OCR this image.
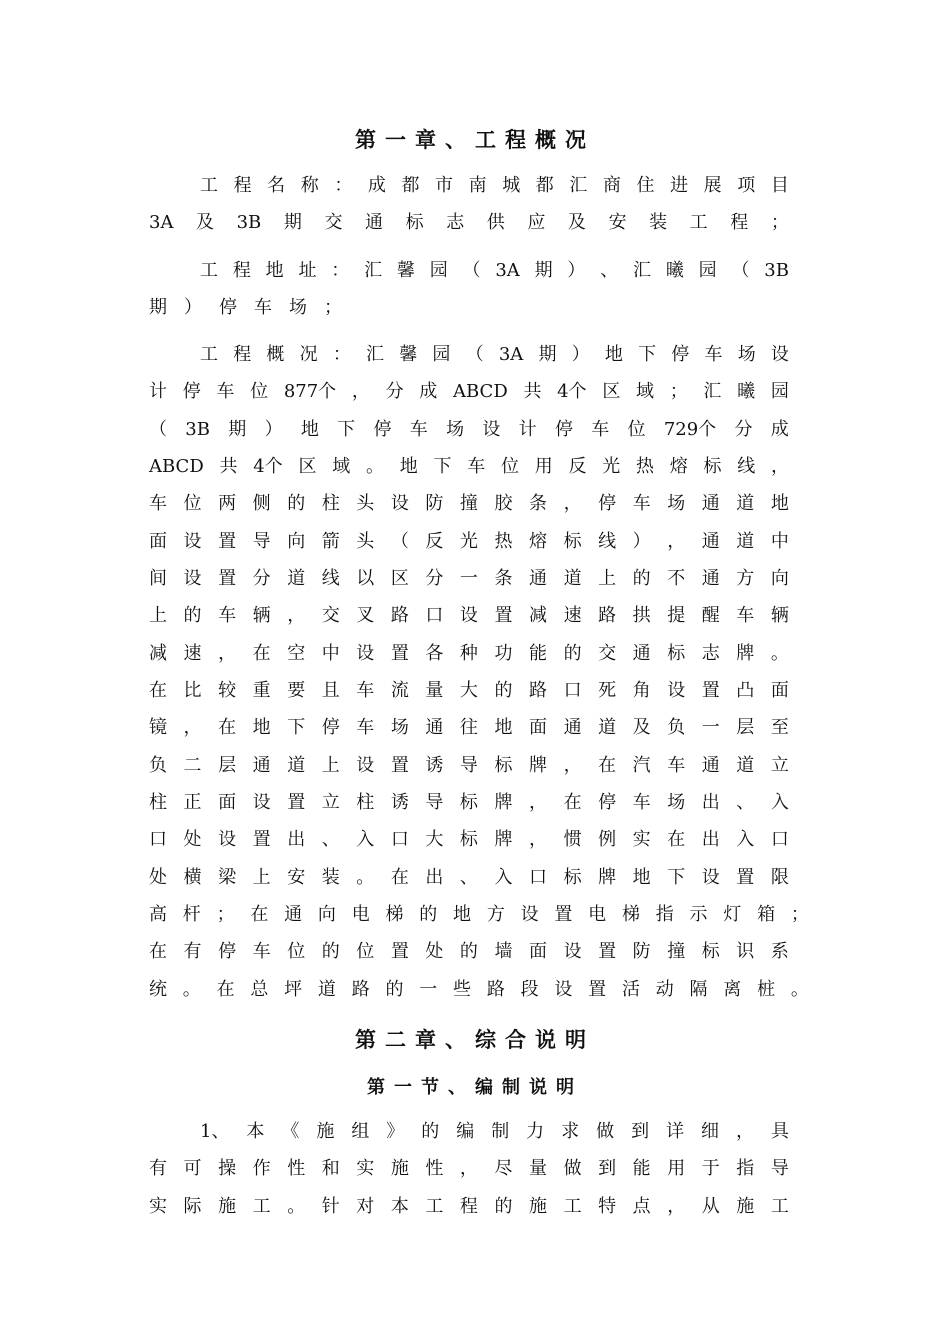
第一章、工程概况
工 程 名 称 ： 成 都 市 南 城 都 汇 商 住 进 展 项 目
3A 及 3B 期 交 通 标 志 供 应 及 安 装 工 程 ；
工 程 地 址 ： 汇 馨 园 （ 3A 期 ） 、 汇 曦 园 （ 3B
期 ） 停 车 场 ；
工 程 概 况 ： 汇 馨 园 （ 3A 期 ） 地 下 停 车 场 设
计 停 车 位 877个 ， 分 成 ABCD 共 4个 区 域 ； 汇 曦 园
（ 3B 期 ） 地 下 停 车 场 设 计 停 车 位 729个 分 成
ABCD 共 4个 区 域 。 地 下 车 位 用 反 光 热 熔 标 线 ，
车 位 两 侧 的 柱 头 设 防 撞 胶 条 ， 停 车 场 通 道 地
面 设 置 导 向 箭 头 （ 反 光 热 熔 标 线 ） ， 通 道 中
间 设 置 分 道 线 以 区 分 一 条 通 道 上 的 不 通 方 向
上 的 车 辆 ， 交 叉 路 口 设 置 减 速 路 拱 提 醒 车 辆
减 速 ， 在 空 中 设 置 各 种 功 能 的 交 通 标 志 牌 。
在 比 较 重 要 且 车 流 量 大 的 路 口 死 角 设 置 凸 面
镜 ， 在 地 下 停 车 场 通 往 地 面 通 道 及 负 一 层 至
负 二 层 通 道 上 设 置 诱 导 标 牌 ， 在 汽 车 通 道 立
柱 正 面 设 置 立 柱 诱 导 标 牌 ， 在 停 车 场 出 、 入
口 处 设 置 出 、 入 口 大 标 牌 ， 惯 例 实 在 出 入 口
处 横 梁 上 安 装 。 在 出 、 入 口 标 牌 地 下 设 置 限
高 杆 ； 在 通 向 电 梯 的 地 方 设 置 电 梯 指 示 灯 箱 ；
在 有 停 车 位 的 位 置 处 的 墙 面 设 置 防 撞 标 识 系
统 。 在 总 坪 道 路 的 一 些 路 段 设 置 活 动 隔 离 桩 。
第二章、综合说明
第一节、编制说明
1、 本 《 施 组 》 的 编 制 力 求 做 到 详 细 ， 具
有 可 操 作 性 和 实 施 性 ， 尽 量 做 到 能 用 于 指 导
实 际 施 工 。 针 对 本 工 程 的 施 工 特 点 ， 从 施 工
